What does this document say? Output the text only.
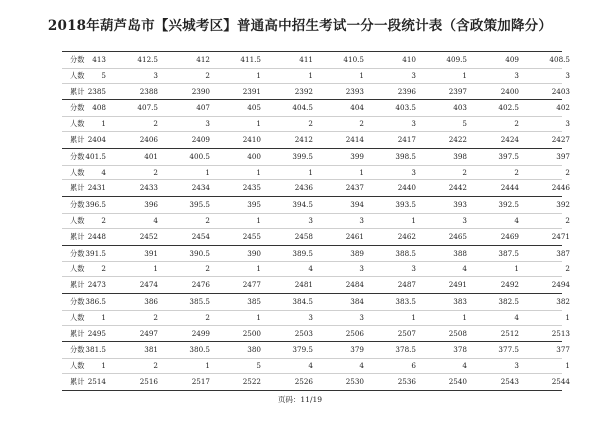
2018年葫芦岛市【兴城考区】普通高中招生考试一分一段统计表（含政策加降分）
分数	413	412.5	412	411.5	411	410.5	410	409.5	409	408.5
人数	5	3	2	1	1	1	3	1	3	3
累计 2385	2388	2390	2391	2392	2393	2396	2397	2400	2403
分数	408	407.5	407	405	404.5	404	403.5	403	402.5	402
人数	1	2	3	1	2	2	3	5	2	3
累计 2404	2406	2409	2410	2412	2414	2417	2422	2424	2427
分数 401.5	401	400.5	400	399.5	399	398.5	398	397.5	397
人数	4	2	1	1	1	1	3	2	2	2
累计 2431	2433	2434	2435	2436	2437	2440	2442	2444	2446
分数 396.5	396	395.5	395	394.5	394	393.5	393	392.5	392
人数	2	4	2	1	3	3	1	3	4	2
累计 2448	2452	2454	2455	2458	2461	2462	2465	2469	2471
分数 391.5	391	390.5	390	389.5	389	388.5	388	387.5	387
人数	2	1	2	1	4	3	3	4	1	2
累计 2473	2474	2476	2477	2481	2484	2487	2491	2492	2494
分数 386.5	386	385.5	385	384.5	384	383.5	383	382.5	382
人数	1	2	2	1	3	3	1	1	4	1
累计 2495	2497	2499	2500	2503	2506	2507	2508	2512	2513
分数 381.5	381	380.5	380	379.5	379	378.5	378	377.5	377
人数	1	2	1	5	4	4	6	4	3	1
累计 2514	2516	2517	2522	2526	2530	2536	2540	2543	2544
页码：11/19
